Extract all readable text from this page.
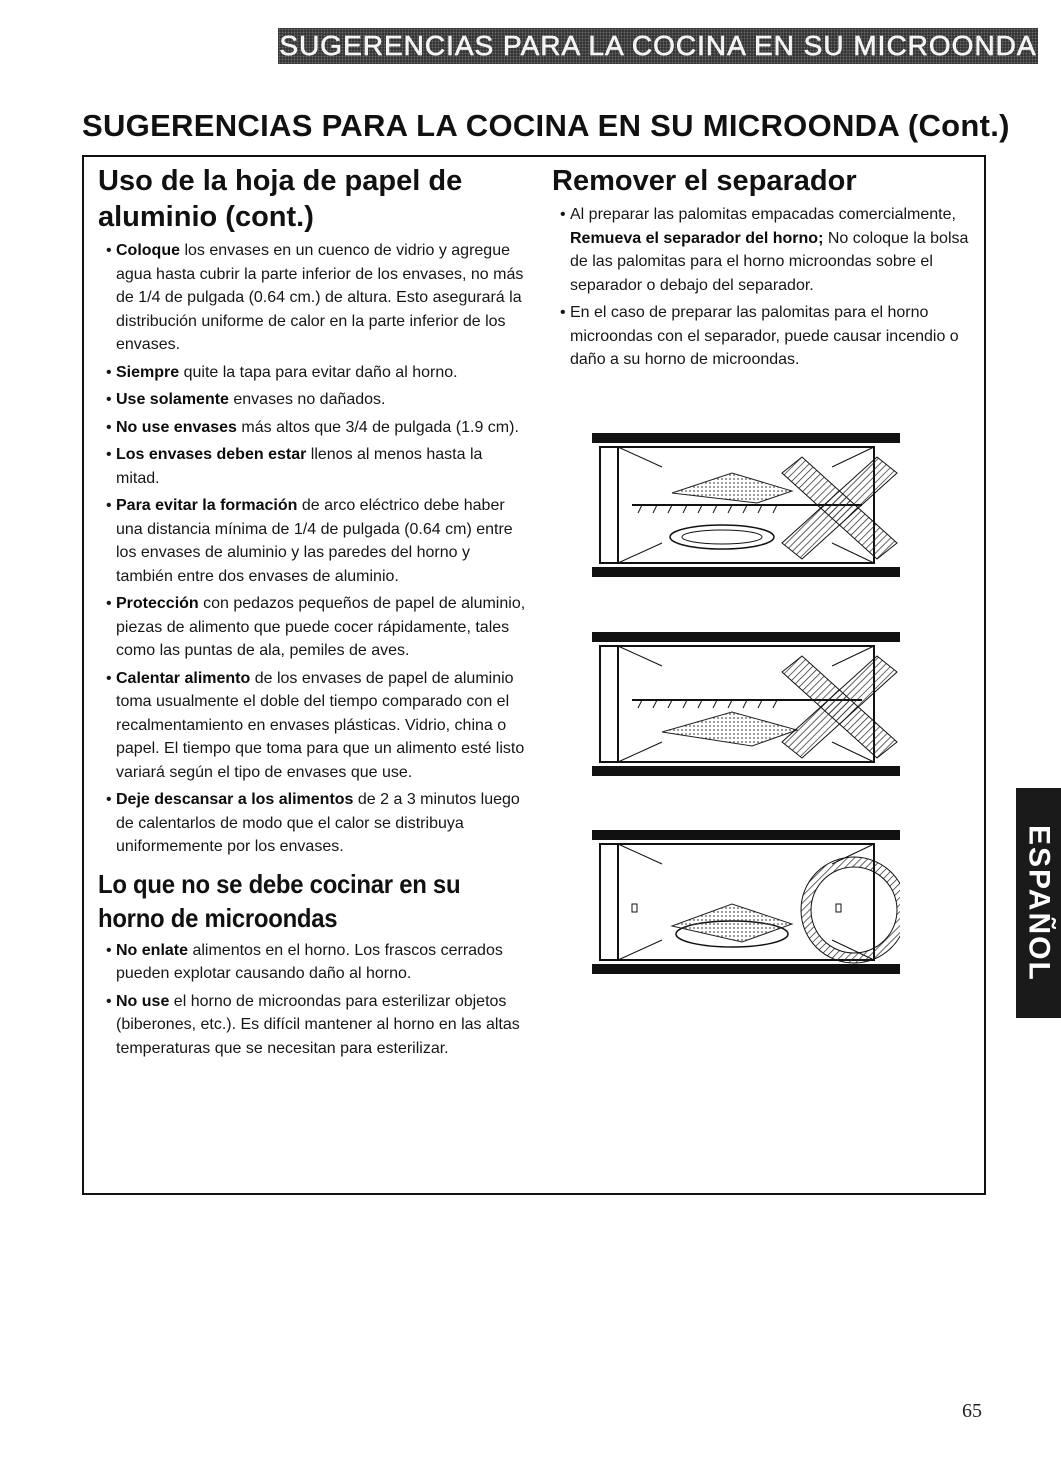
SUGERENCIAS PARA LA COCINA EN SU MICROONDA
SUGERENCIAS PARA LA COCINA EN SU MICROONDA (Cont.)
Uso de la hoja de papel de
aluminio (cont.)
• Coloque los envases en un cuenco de vidrio y agregue agua hasta cubrir la parte inferior de los envases, no más de 1/4 de pulgada (0.64 cm.) de altura. Esto asegurará la distribución uniforme de calor en la parte inferior de los envases.
• Siempre quite la tapa para evitar daño al horno.
• Use solamente envases no dañados.
• No use envases más altos que 3/4 de pulgada (1.9 cm).
• Los envases deben estar llenos al menos hasta la mitad.
• Para evitar la formación de arco eléctrico debe haber una distancia mínima de 1/4 de pulgada (0.64 cm) entre los envases de aluminio y las paredes del horno y también entre dos envases de aluminio.
• Protección con pedazos pequeños de papel de aluminio, piezas de alimento que puede cocer rápidamente, tales como las puntas de ala, pemiles de aves.
• Calentar alimento de los envases de papel de aluminio toma usualmente el doble del tiempo comparado con el recalmentamiento en envases plásticas. Vidrio, china o papel. El tiempo que toma para que un alimento esté listo variará según el tipo de envases que use.
• Deje descansar a los alimentos de 2 a 3 minutos luego de calentarlos de modo que el calor se distribuya uniformemente por los envases.
Lo que no se debe cocinar en su
horno de microondas
• No enlate alimentos en el horno. Los frascos cerrados pueden explotar causando daño al horno.
• No use el horno de microondas para esterilizar objetos (biberones, etc.). Es difícil mantener al horno en las altas temperaturas que se necesitan para esterilizar.
Remover el separador
• Al preparar las palomitas empacadas comercialmente, Remueva el separador del horno; No coloque la bolsa de las palomitas para el horno microondas sobre el separador o debajo del separador.
• En el caso de preparar las palomitas para el horno microondas con el separador, puede causar incendio o daño a su horno de microondas.
ESPAÑOL
65
